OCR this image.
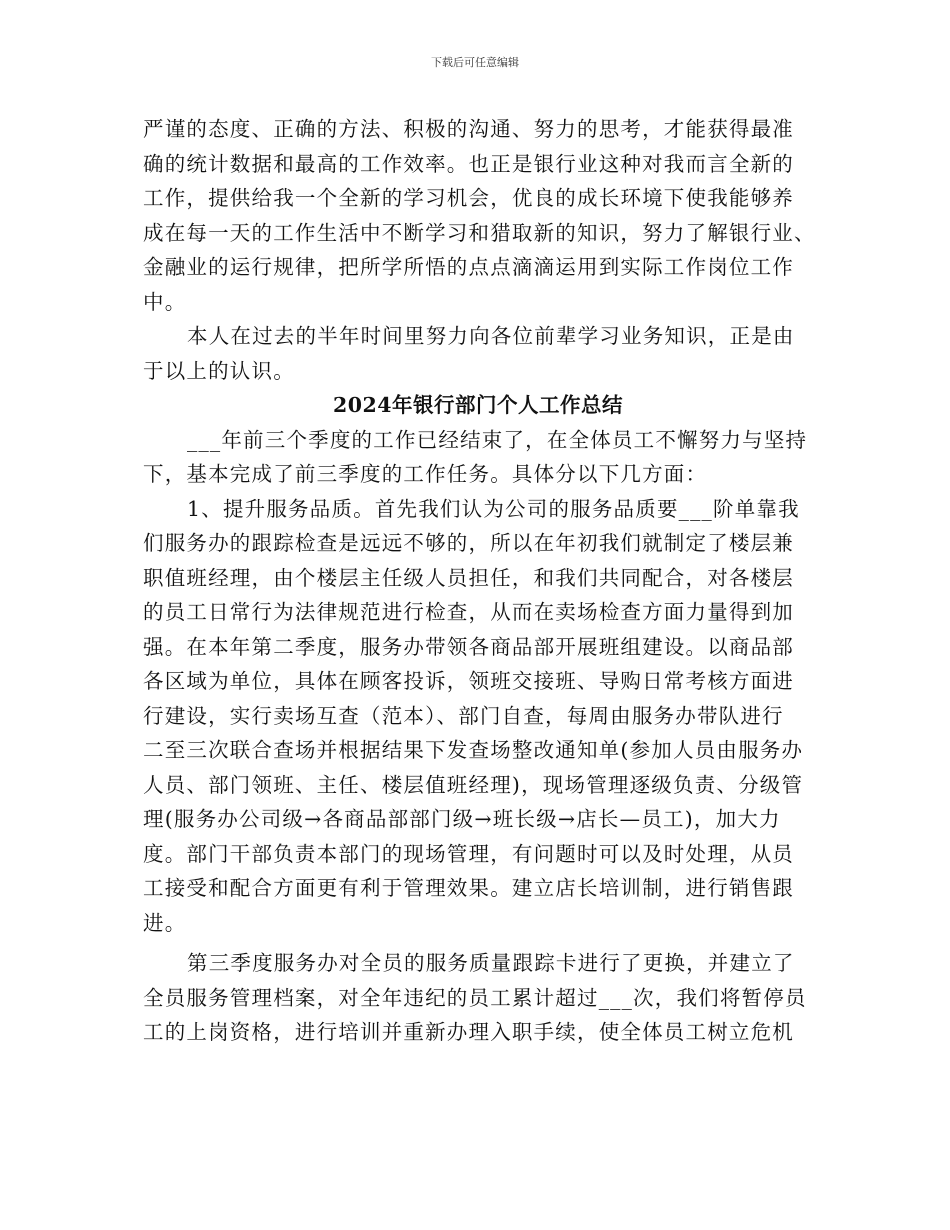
下载后可任意编辑
严谨的态度、正确的方法、积极的沟通、努力的思考，才能获得最准
确的统计数据和最高的工作效率。也正是银行业这种对我而言全新的
工作，提供给我一个全新的学习机会，优良的成长环境下使我能够养
成在每一天的工作生活中不断学习和猎取新的知识，努力了解银行业、
金融业的运行规律，把所学所悟的点点滴滴运用到实际工作岗位工作
中。
本人在过去的半年时间里努力向各位前辈学习业务知识，正是由
于以上的认识。
2024年银行部门个人工作总结
___年前三个季度的工作已经结束了，在全体员工不懈努力与坚持
下，基本完成了前三季度的工作任务。具体分以下几方面：
1、提升服务品质。首先我们认为公司的服务品质要___阶单靠我
们服务办的跟踪检查是远远不够的，所以在年初我们就制定了楼层兼
职值班经理，由个楼层主任级人员担任，和我们共同配合，对各楼层
的员工日常行为法律规范进行检查，从而在卖场检查方面力量得到加
强。在本年第二季度，服务办带领各商品部开展班组建设。以商品部
各区域为单位，具体在顾客投诉，领班交接班、导购日常考核方面进
行建设，实行卖场互查（范本）、部门自查，每周由服务办带队进行
二至三次联合查场并根据结果下发查场整改通知单(参加人员由服务办
人员、部门领班、主任、楼层值班经理)，现场管理逐级负责、分级管
理(服务办公司级→各商品部部门级→班长级→店长—员工)，加大力
度。部门干部负责本部门的现场管理，有问题时可以及时处理，从员
工接受和配合方面更有利于管理效果。建立店长培训制，进行销售跟
进。
第三季度服务办对全员的服务质量跟踪卡进行了更换，并建立了
全员服务管理档案，对全年违纪的员工累计超过___次，我们将暂停员
工的上岗资格，进行培训并重新办理入职手续，使全体员工树立危机
